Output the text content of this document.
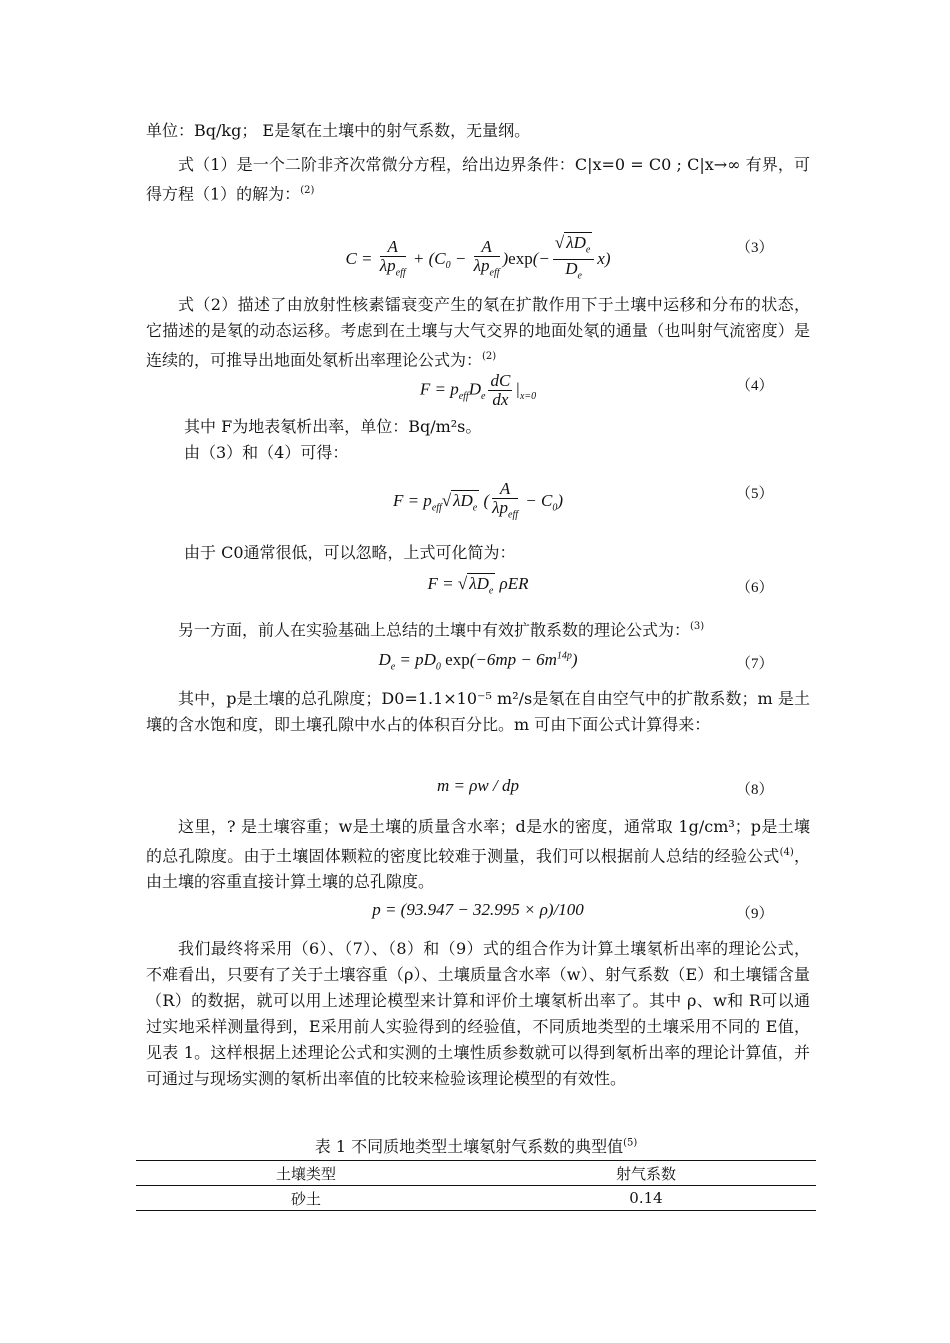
单位：Bq/kg； E是氡在土壤中的射气系数，无量纲。

式（1）是一个二阶非齐次常微分方程，给出边界条件：C|x=0 = C0 ; C|x→∞ 有界，可得方程（1）的解为：$^{(2)}$

$C = \frac{A}{\lambda p_{eff}} + (C_0 - \frac{A}{\lambda p_{eff}} )\exp(- \frac{√ \lambda D_e}{D_e} x)$
（3）

式（2）描述了由放射性核素镭衰变产生的氡在扩散作用下于土壤中运移和分布的状态，它描述的是氡的动态运移。考虑到在土壤与大气交界的地面处氡的通量（也叫射气流密度）是连续的，可推导出地面处氡析出率理论公式为：$^{(2)}$

$F = p_{eff}D_e \frac{dC}{dx} |_{x=0}$
（4）

其中 F为地表氡析出率，单位：Bq/m²s。

由（3）和（4）可得：

$F = p_{eff}√$ $\lambda D_e$ ( $\frac{A}{\lambda p_{eff}} - C_0$)	（5）

由于 C0通常很低，可以忽略，上式可化简为：

F = √ $\lambda D_e$ ρER	（6）

另一方面，前人在实验基础上总结的土壤中有效扩散系数的理论公式为：$^{(3)}$

$D_e = pD_0$ $\exp(-6mp - 6m^{14p})$	（7）

其中，p是土壤的总孔隙度；D0=1.1×10⁻⁵ m²/s是氡在自由空气中的扩散系数；m 是土壤的含水饱和度，即土壤孔隙中水占的体积百分比。m 可由下面公式计算得来：

m = ρw / dp	（8）

这里，? 是土壤容重；w是土壤的质量含水率；d是水的密度，通常取 1g/cm³；p是土壤的总孔隙度。由于土壤固体颗粒的密度比较难于测量，我们可以根据前人总结的经验公式$^{(4)}$，由土壤的容重直接计算土壤的总孔隙度。

p = (93.947 − 32.995 × ρ)/100	（9）

我们最终将采用（6）、（7）、（8）和（9）式的组合作为计算土壤氡析出率的理论公式，不难看出，只要有了关于土壤容重（ρ）、土壤质量含水率（w）、射气系数（E）和土壤镭含量（R）的数据，就可以用上述理论模型来计算和评价土壤氡析出率了。其中 ρ、w和 R可以通过实地采样测量得到，E采用前人实验得到的经验值，不同质地类型的土壤采用不同的 E值，见表 1。这样根据上述理论公式和实测的土壤性质参数就可以得到氡析出率的理论计算值，并可通过与现场实测的氡析出率值的比较来检验该理论模型的有效性。

表 1 不同质地类型土壤氡射气系数的典型值$^{(5)}$
土壤类型	射气系数
砂土	0.14
